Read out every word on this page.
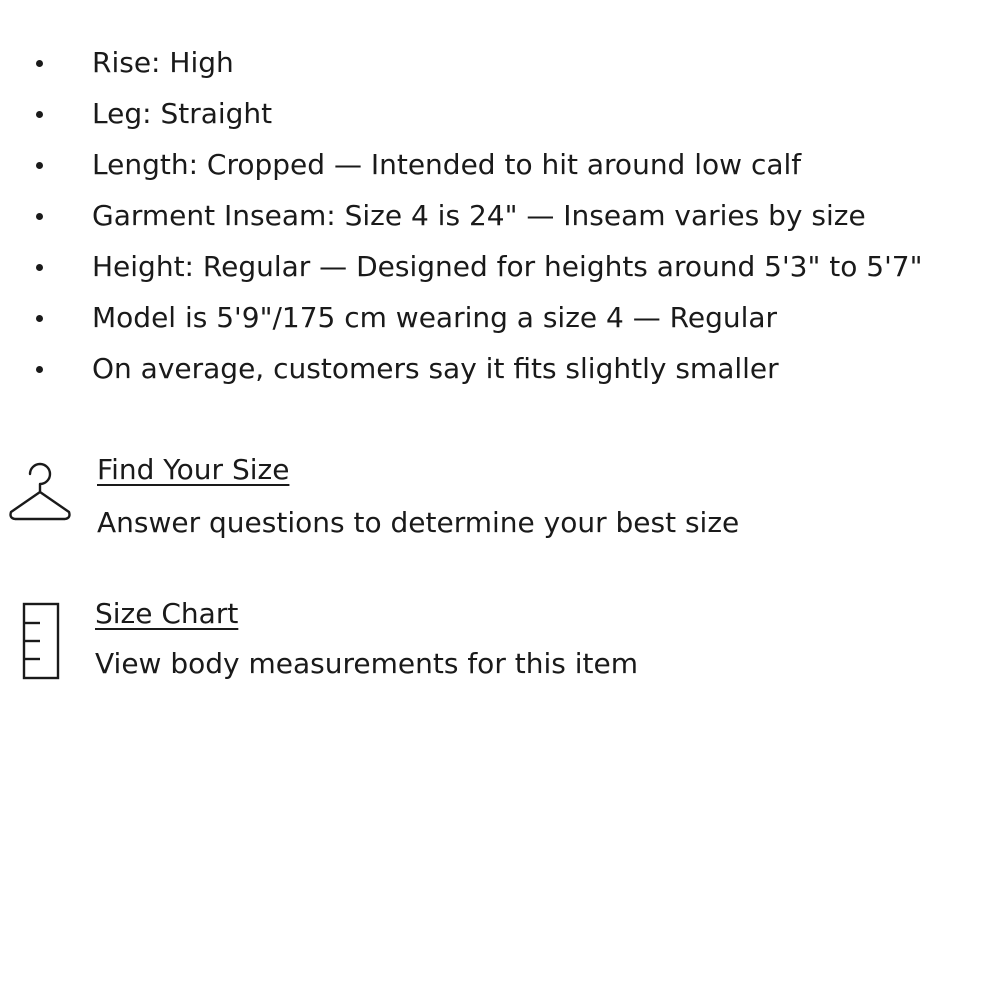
Rise: High
Leg: Straight
Length: Cropped — Intended to hit around low calf
Garment Inseam: Size 4 is 24" — Inseam varies by size
Height: Regular — Designed for heights around 5'3" to 5'7"
Model is 5'9"/175 cm wearing a size 4 — Regular
On average, customers say it fits slightly smaller
Find Your Size
Answer questions to determine your best size
Size Chart
View body measurements for this item
